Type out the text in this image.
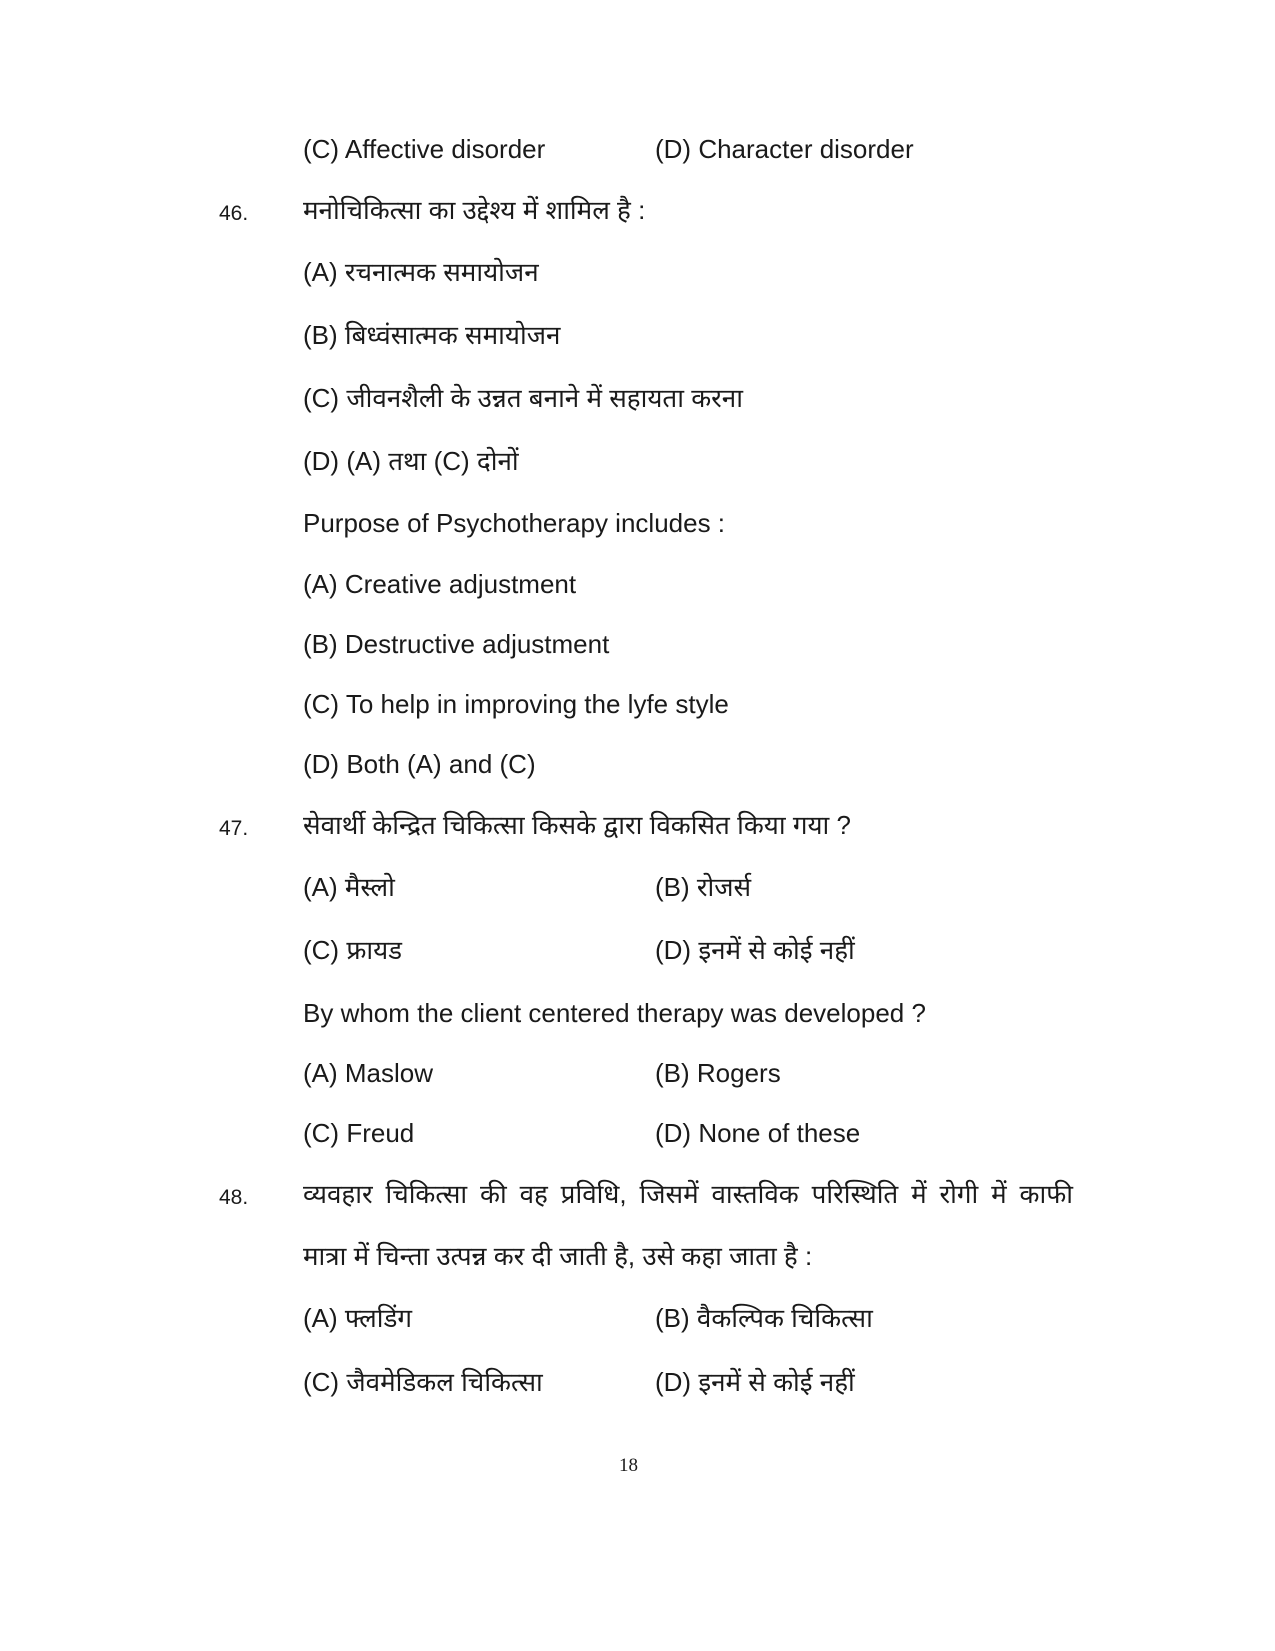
(C) Affective disorder	(D) Character disorder
46. मनोचिकित्सा का उद्देश्य में शामिल है :
(A) रचनात्मक समायोजन
(B) बिध्वंसात्मक समायोजन
(C) जीवनशैली के उन्नत बनाने में सहायता करना
(D) (A) तथा (C) दोनों
Purpose of Psychotherapy includes :
(A) Creative adjustment
(B) Destructive adjustment
(C) To help in improving the lyfe style
(D) Both (A) and (C)
47. सेवार्थी केन्द्रित चिकित्सा किसके द्वारा विकसित किया गया ?
(A) मैस्लो	(B) रोजर्स
(C) फ्रायड	(D) इनमें से कोई नहीं
By whom the client centered therapy was developed ?
(A) Maslow	(B) Rogers
(C) Freud	(D) None of these
48. व्यवहार चिकित्सा की वह प्रविधि, जिसमें वास्तविक परिस्थिति में रोगी में काफी
मात्रा में चिन्ता उत्पन्न कर दी जाती है, उसे कहा जाता है :
(A) फ्लडिंग	(B) वैकल्पिक चिकित्सा
(C) जैवमेडिकल चिकित्सा	(D) इनमें से कोई नहीं
18
